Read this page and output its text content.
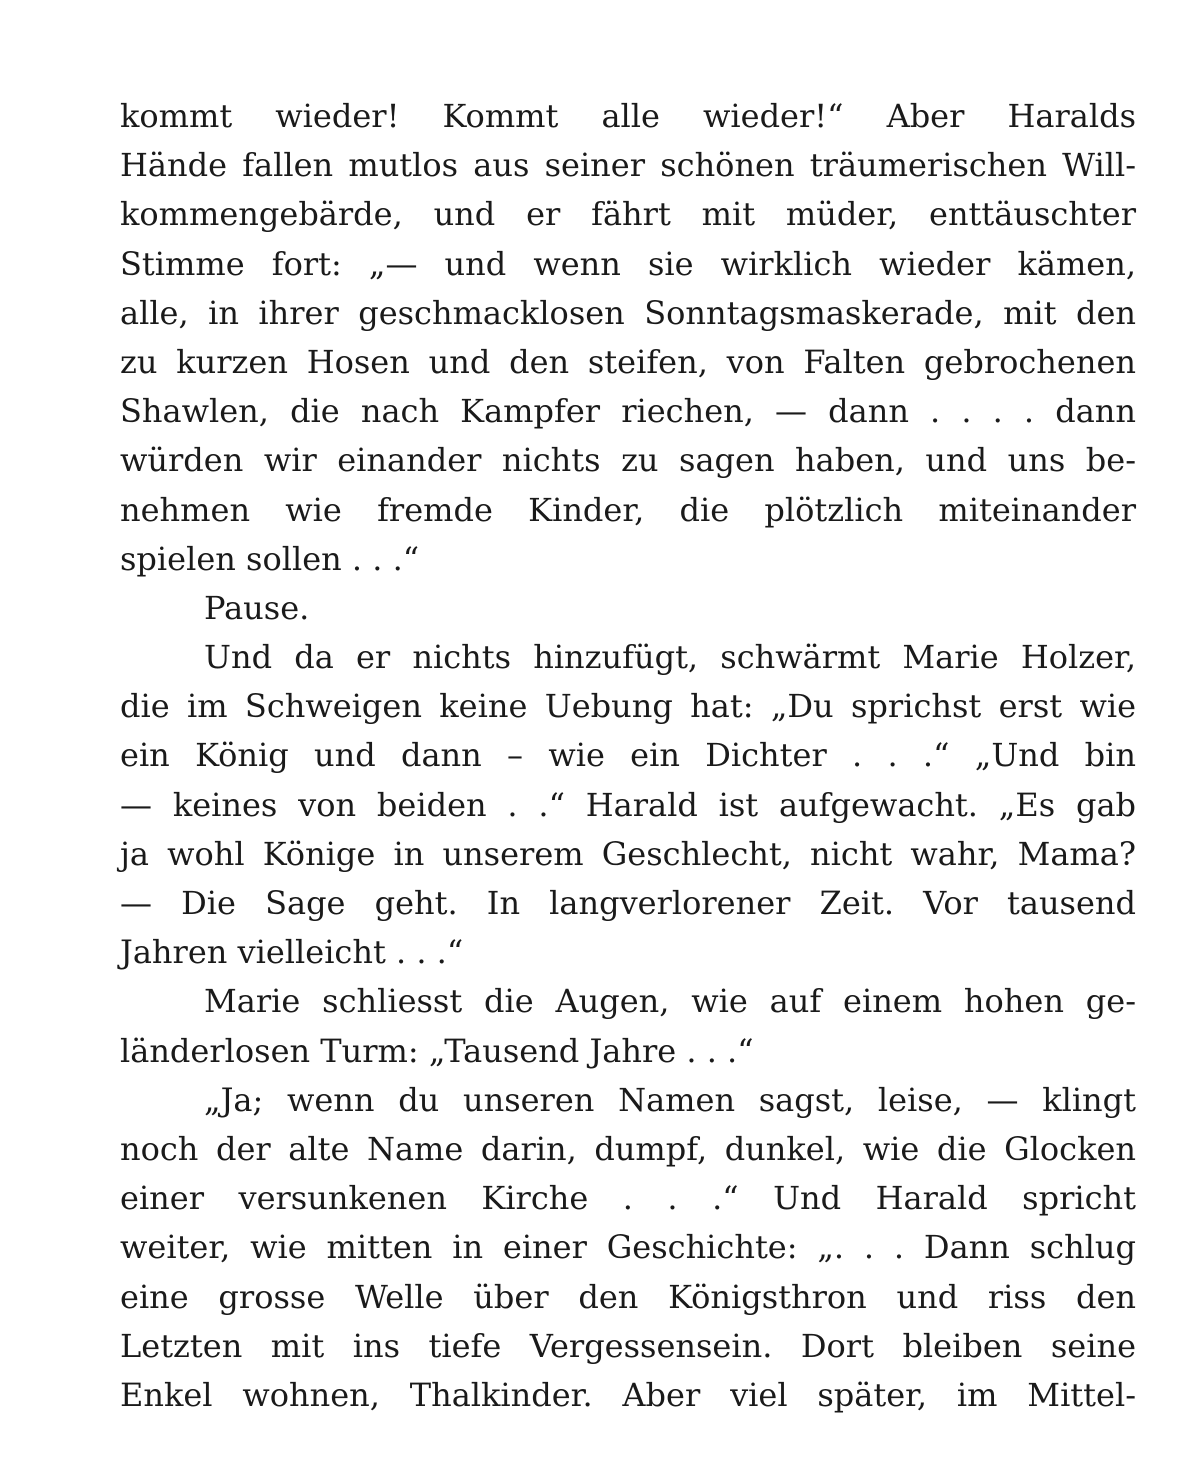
kommt wieder! Kommt alle wieder!“ Aber Haralds
Hände fallen mutlos aus seiner schönen träumerischen Will-
kommengebärde, und er fährt mit müder, enttäuschter
Stimme fort: „— und wenn sie wirklich wieder kämen,
alle, in ihrer geschmacklosen Sonntagsmaskerade, mit den
zu kurzen Hosen und den steifen, von Falten gebrochenen
Shawlen, die nach Kampfer riechen, — dann . . . . dann
würden wir einander nichts zu sagen haben, und uns be-
nehmen wie fremde Kinder, die plötzlich miteinander
spielen sollen . . .“
Pause.
Und da er nichts hinzufügt, schwärmt Marie Holzer,
die im Schweigen keine Uebung hat: „Du sprichst erst wie
ein König und dann – wie ein Dichter . . .“ „Und bin
— keines von beiden . .“ Harald ist aufgewacht. „Es gab
ja wohl Könige in unserem Geschlecht, nicht wahr, Mama?
— Die Sage geht. In langverlorener Zeit. Vor tausend
Jahren vielleicht . . .“
Marie schliesst die Augen, wie auf einem hohen ge-
länderlosen Turm: „Tausend Jahre . . .“
„Ja; wenn du unseren Namen sagst, leise, — klingt
noch der alte Name darin, dumpf, dunkel, wie die Glocken
einer versunkenen Kirche . . .“ Und Harald spricht
weiter, wie mitten in einer Geschichte: „. . . Dann schlug
eine grosse Welle über den Königsthron und riss den
Letzten mit ins tiefe Vergessensein. Dort bleiben seine
Enkel wohnen, Thalkinder. Aber viel später, im Mittel-
